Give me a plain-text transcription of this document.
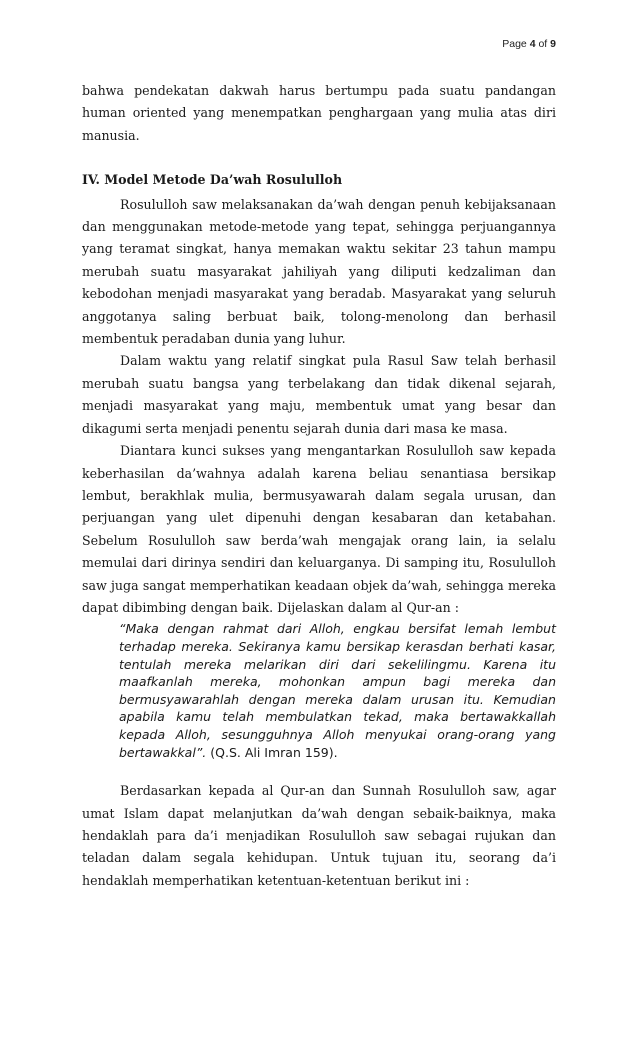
Page 4 of 9

bahwa pendekatan dakwah harus bertumpu pada suatu pandangan human oriented yang menempatkan penghargaan yang mulia atas diri manusia.

IV. Model Metode Da’wah Rosululloh

Rosululloh saw melaksanakan da’wah dengan penuh kebijaksanaan dan menggunakan metode-metode yang tepat, sehingga perjuangannya yang teramat singkat, hanya memakan waktu sekitar 23 tahun mampu merubah suatu masyarakat jahiliyah yang diliputi kedzaliman dan kebodohan menjadi masyarakat yang beradab. Masyarakat yang seluruh anggotanya saling berbuat baik, tolong-menolong dan berhasil membentuk peradaban dunia yang luhur.

Dalam waktu yang relatif singkat pula Rasul Saw telah berhasil merubah suatu bangsa yang terbelakang dan tidak dikenal sejarah, menjadi masyarakat yang maju, membentuk umat yang besar dan dikagumi serta menjadi penentu sejarah dunia dari masa ke masa.

Diantara kunci sukses yang mengantarkan Rosululloh saw kepada keberhasilan da’wahnya adalah karena beliau senantiasa bersikap lembut, berakhlak mulia, bermusyawarah dalam segala urusan, dan perjuangan yang ulet dipenuhi dengan kesabaran dan ketabahan. Sebelum Rosululloh saw berda’wah mengajak orang lain, ia selalu memulai dari dirinya sendiri dan keluarganya. Di samping itu, Rosululloh saw juga sangat memperhatikan keadaan objek da’wah, sehingga mereka dapat dibimbing dengan baik. Dijelaskan dalam al Qur-an :

“Maka dengan rahmat dari Alloh, engkau bersifat lemah lembut terhadap mereka. Sekiranya kamu bersikap kerasdan berhati kasar, tentulah mereka melarikan diri dari sekelilingmu. Karena itu maafkanlah mereka, mohonkan ampun bagi mereka dan bermusyawarahlah dengan mereka dalam urusan itu. Kemudian apabila kamu telah membulatkan tekad, maka bertawakkallah kepada Alloh, sesungguhnya Alloh menyukai orang-orang yang bertawakkal”. (Q.S. Ali Imran 159).

Berdasarkan kepada al Qur-an dan Sunnah Rosululloh saw, agar umat Islam dapat melanjutkan da’wah dengan sebaik-baiknya, maka hendaklah para da’i menjadikan Rosululloh saw sebagai rujukan dan teladan dalam segala kehidupan. Untuk tujuan itu, seorang da’i hendaklah memperhatikan ketentuan-ketentuan berikut ini :
